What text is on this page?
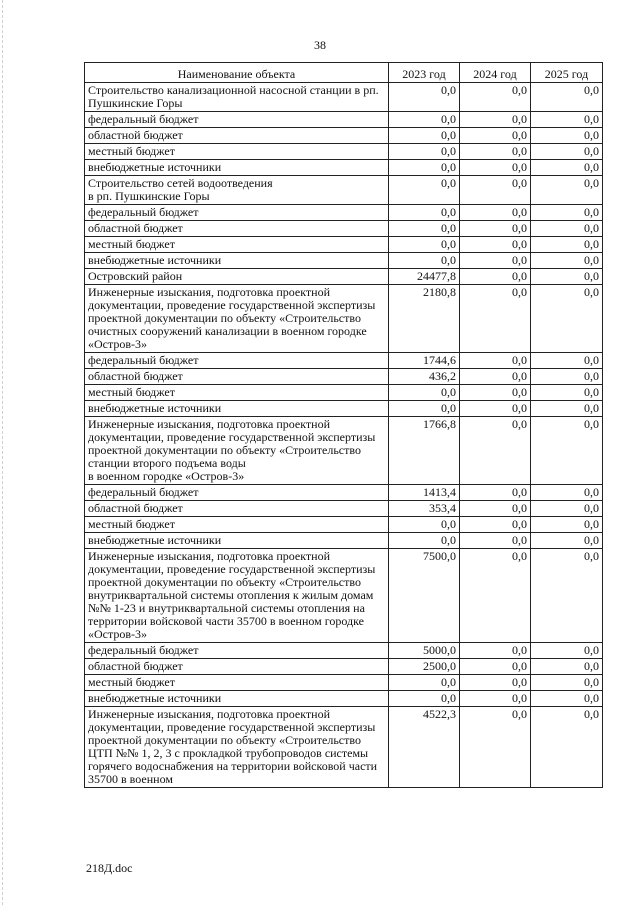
38
Наименование объекта	2023 год	2024 год	2025 год
Строительство канализационной насосной станции в рп. Пушкинские Горы	0,0	0,0	0,0
федеральный бюджет	0,0	0,0	0,0
областной бюджет	0,0	0,0	0,0
местный бюджет	0,0	0,0	0,0
внебюджетные источники	0,0	0,0	0,0
Строительство сетей водоотведения
в рп. Пушкинские Горы	0,0	0,0	0,0
федеральный бюджет	0,0	0,0	0,0
областной бюджет	0,0	0,0	0,0
местный бюджет	0,0	0,0	0,0
внебюджетные источники	0,0	0,0	0,0
Островский район	24477,8	0,0	0,0
Инженерные изыскания, подготовка проектной документации, проведение государственной экспертизы проектной документации по объекту «Строительство очистных сооружений канализации в военном городке «Остров-3»	2180,8	0,0	0,0
федеральный бюджет	1744,6	0,0	0,0
областной бюджет	436,2	0,0	0,0
местный бюджет	0,0	0,0	0,0
внебюджетные источники	0,0	0,0	0,0
Инженерные изыскания, подготовка проектной документации, проведение государственной экспертизы проектной документации по объекту «Строительство станции второго подъема воды
в военном городке «Остров-3»	1766,8	0,0	0,0
федеральный бюджет	1413,4	0,0	0,0
областной бюджет	353,4	0,0	0,0
местный бюджет	0,0	0,0	0,0
внебюджетные источники	0,0	0,0	0,0
Инженерные изыскания, подготовка проектной документации, проведение государственной экспертизы проектной документации по объекту «Строительство внутриквартальной системы отопления к жилым домам №№ 1-23 и внутриквартальной системы отопления на территории войсковой части 35700 в военном городке «Остров-3»	7500,0	0,0	0,0
федеральный бюджет	5000,0	0,0	0,0
областной бюджет	2500,0	0,0	0,0
местный бюджет	0,0	0,0	0,0
внебюджетные источники	0,0	0,0	0,0
Инженерные изыскания, подготовка проектной документации, проведение государственной экспертизы проектной документации по объекту «Строительство ЦТП №№ 1, 2, 3 с прокладкой трубопроводов системы горячего водоснабжения на территории войсковой части 35700 в военном	4522,3	0,0	0,0
218Д.doc
